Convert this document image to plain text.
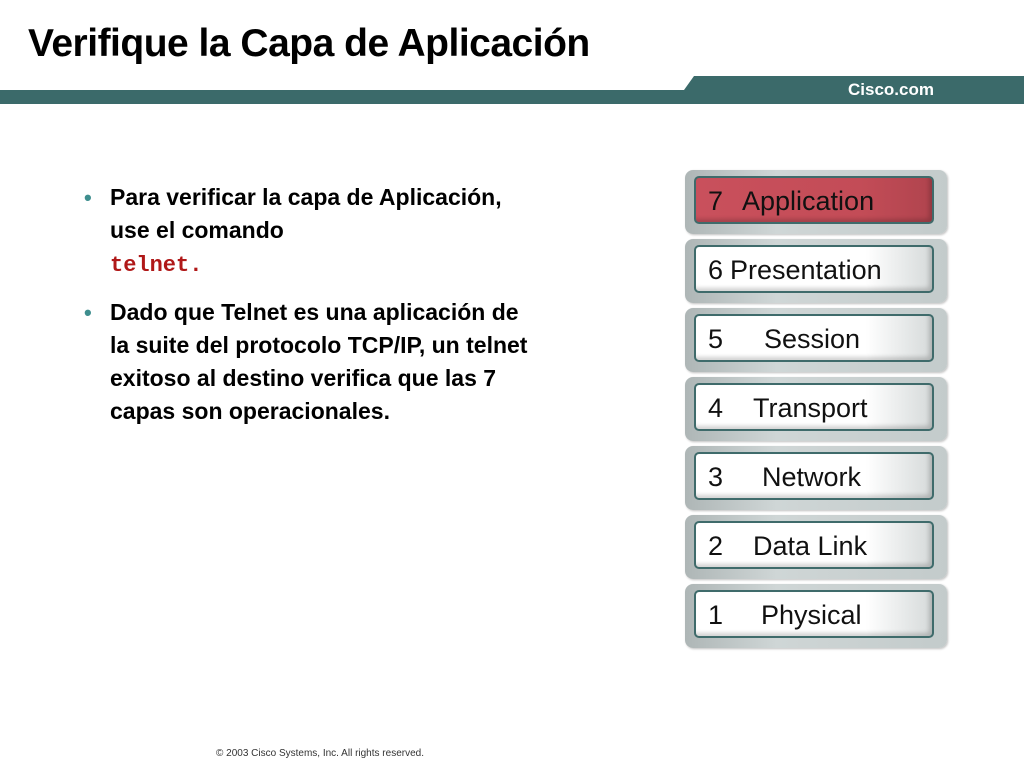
Cisco.com
Verifique la Capa de Aplicación
• Para verificar la capa de Aplicación, use el comando
telnet.
• Dado que Telnet es una aplicación de la suite del protocolo TCP/IP, un telnet exitoso al destino verifica que las 7 capas son operacionales.
7 Application
6 Presentation
5 Session
4 Transport
3 Network
2 Data Link
1 Physical
© 2003 Cisco Systems, Inc. All rights reserved.
